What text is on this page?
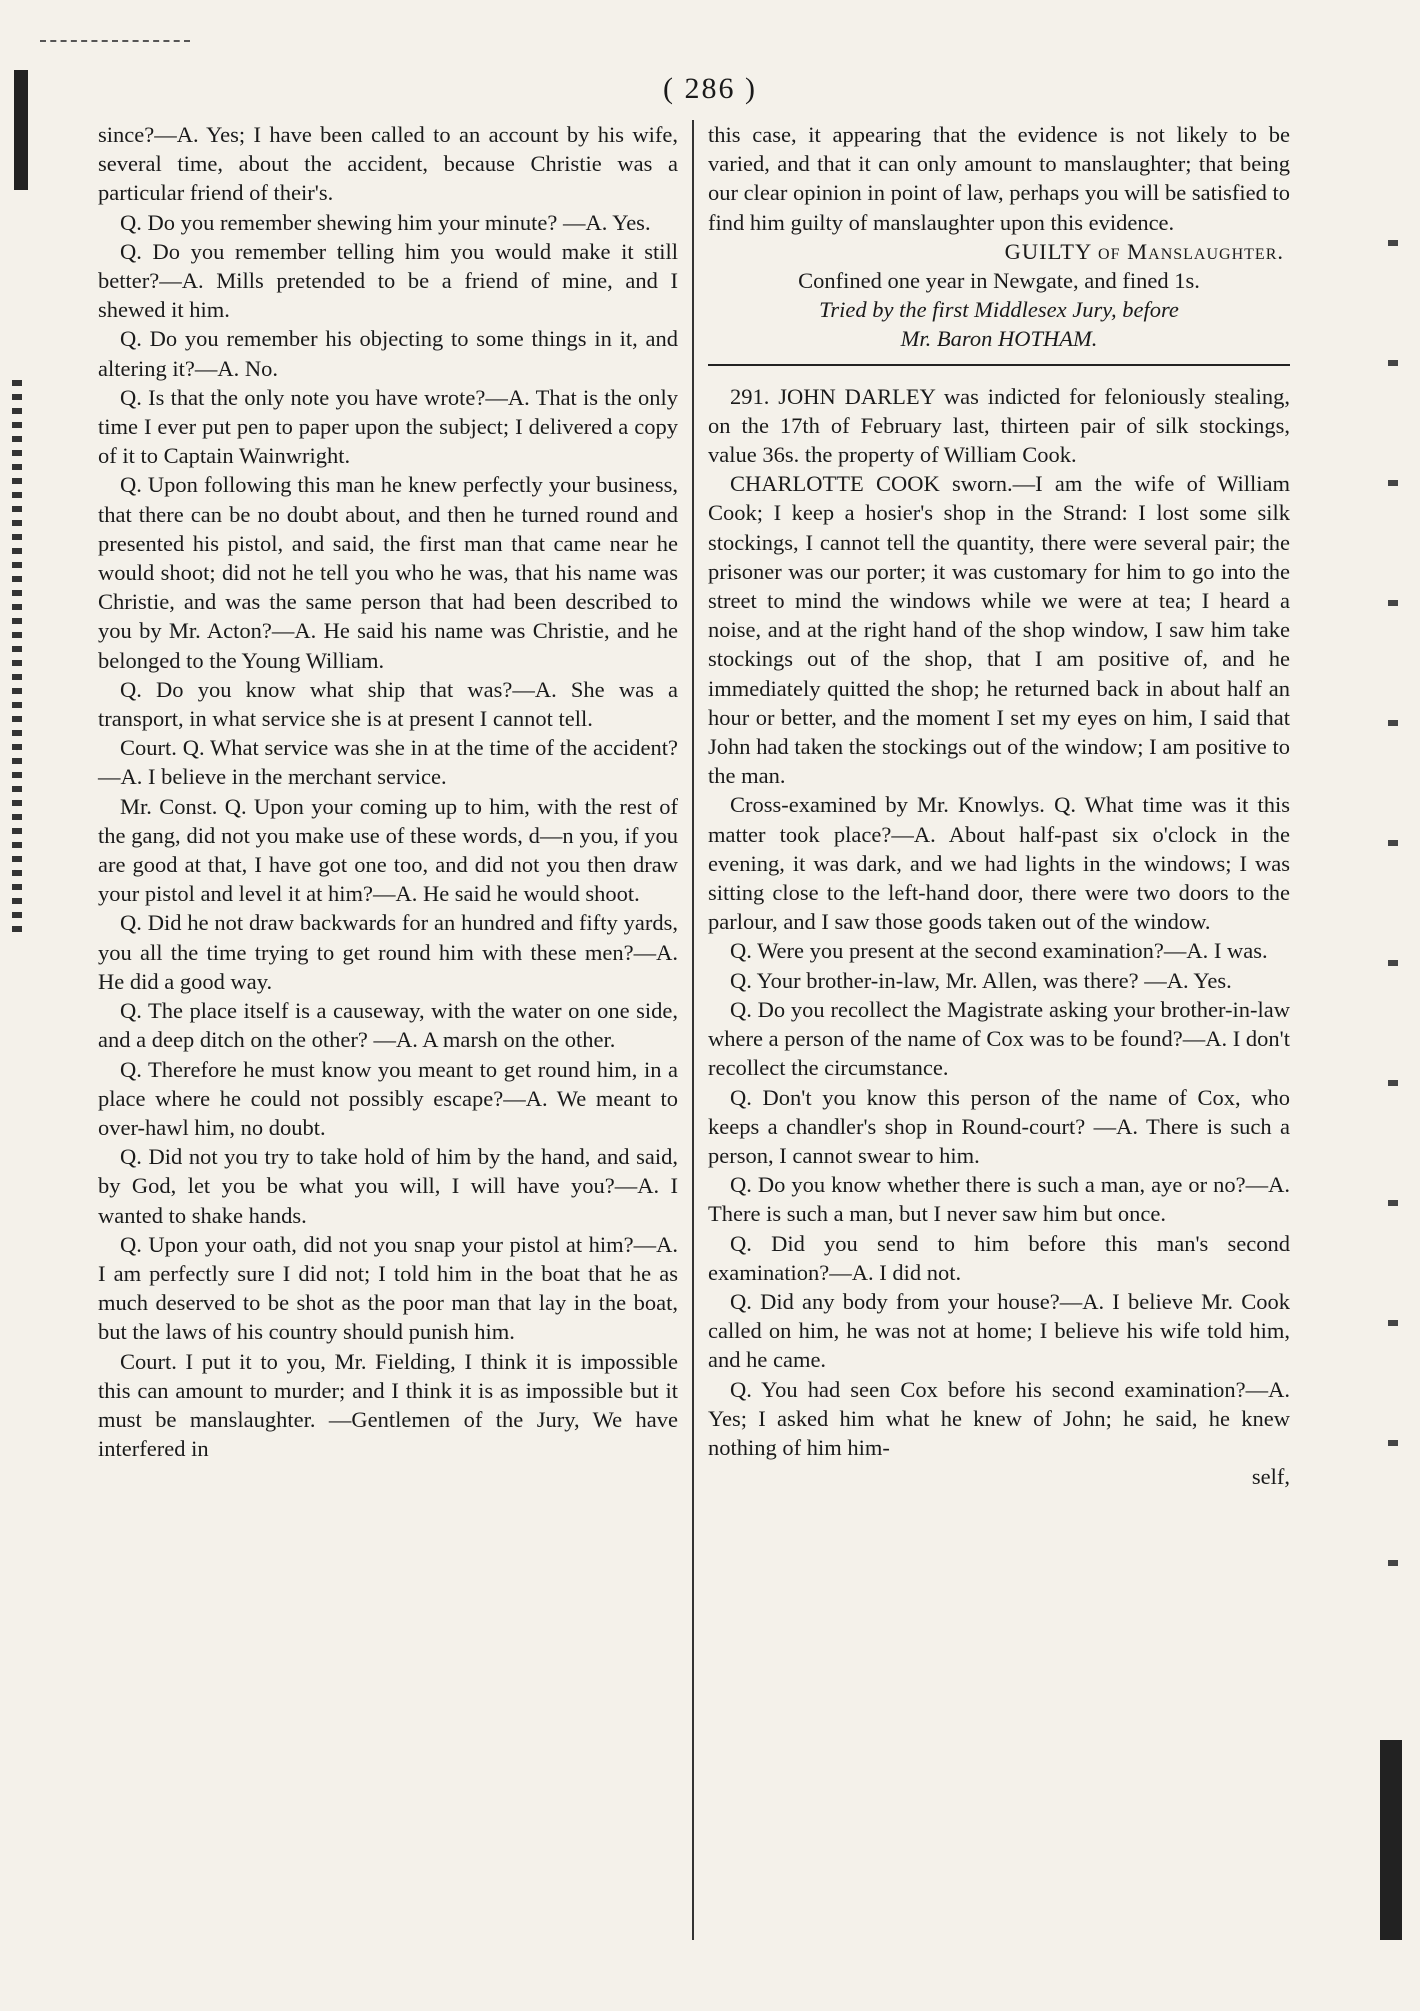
( 286 )

since?—A. Yes; I have been called to an account by his wife, several time, about the accident, because Christie was a particular friend of their's.

Q. Do you remember shewing him your minute? —A. Yes.

Q. Do you remember telling him you would make it still better?—A. Mills pretended to be a friend of mine, and I shewed it him.

Q. Do you remember his objecting to some things in it, and altering it?—A. No.

Q. Is that the only note you have wrote?—A. That is the only time I ever put pen to paper upon the subject; I delivered a copy of it to Captain Wainwright.

Q. Upon following this man he knew perfectly your business, that there can be no doubt about, and then he turned round and presented his pistol, and said, the first man that came near he would shoot; did not he tell you who he was, that his name was Christie, and was the same person that had been described to you by Mr. Acton?—A. He said his name was Christie, and he belonged to the Young William.

Q. Do you know what ship that was?—A. She was a transport, in what service she is at present I cannot tell.

Court. Q. What service was she in at the time of the accident?—A. I believe in the merchant service.

Mr. Const. Q. Upon your coming up to him, with the rest of the gang, did not you make use of these words, d—n you, if you are good at that, I have got one too, and did not you then draw your pistol and level it at him?—A. He said he would shoot.

Q. Did he not draw backwards for an hundred and fifty yards, you all the time trying to get round him with these men?—A. He did a good way.

Q. The place itself is a causeway, with the water on one side, and a deep ditch on the other? —A. A marsh on the other.

Q. Therefore he must know you meant to get round him, in a place where he could not possibly escape?—A. We meant to over-hawl him, no doubt.

Q. Did not you try to take hold of him by the hand, and said, by God, let you be what you will, I will have you?—A. I wanted to shake hands.

Q. Upon your oath, did not you snap your pistol at him?—A. I am perfectly sure I did not; I told him in the boat that he as much deserved to be shot as the poor man that lay in the boat, but the laws of his country should punish him.

Court. I put it to you, Mr. Fielding, I think it is impossible this can amount to murder; and I think it is as impossible but it must be manslaughter. —Gentlemen of the Jury, We have interfered in

this case, it appearing that the evidence is not likely to be varied, and that it can only amount to manslaughter; that being our clear opinion in point of law, perhaps you will be satisfied to find him guilty of manslaughter upon this evidence.

GUILTY of Manslaughter.

Confined one year in Newgate, and fined 1s.

Tried by the first Middlesex Jury, before

Mr. Baron HOTHAM.

291. JOHN DARLEY was indicted for feloniously stealing, on the 17th of February last, thirteen pair of silk stockings, value 36s. the property of William Cook.

CHARLOTTE COOK sworn.—I am the wife of William Cook; I keep a hosier's shop in the Strand: I lost some silk stockings, I cannot tell the quantity, there were several pair; the prisoner was our porter; it was customary for him to go into the street to mind the windows while we were at tea; I heard a noise, and at the right hand of the shop window, I saw him take stockings out of the shop, that I am positive of, and he immediately quitted the shop; he returned back in about half an hour or better, and the moment I set my eyes on him, I said that John had taken the stockings out of the window; I am positive to the man.

Cross-examined by Mr. Knowlys. Q. What time was it this matter took place?—A. About half-past six o'clock in the evening, it was dark, and we had lights in the windows; I was sitting close to the left-hand door, there were two doors to the parlour, and I saw those goods taken out of the window.

Q. Were you present at the second examination?—A. I was.

Q. Your brother-in-law, Mr. Allen, was there? —A. Yes.

Q. Do you recollect the Magistrate asking your brother-in-law where a person of the name of Cox was to be found?—A. I don't recollect the circumstance.

Q. Don't you know this person of the name of Cox, who keeps a chandler's shop in Round-court? —A. There is such a person, I cannot swear to him.

Q. Do you know whether there is such a man, aye or no?—A. There is such a man, but I never saw him but once.

Q. Did you send to him before this man's second examination?—A. I did not.

Q. Did any body from your house?—A. I believe Mr. Cook called on him, he was not at home; I believe his wife told him, and he came.

Q. You had seen Cox before his second examination?—A. Yes; I asked him what he knew of John; he said, he knew nothing of him him-

self,
